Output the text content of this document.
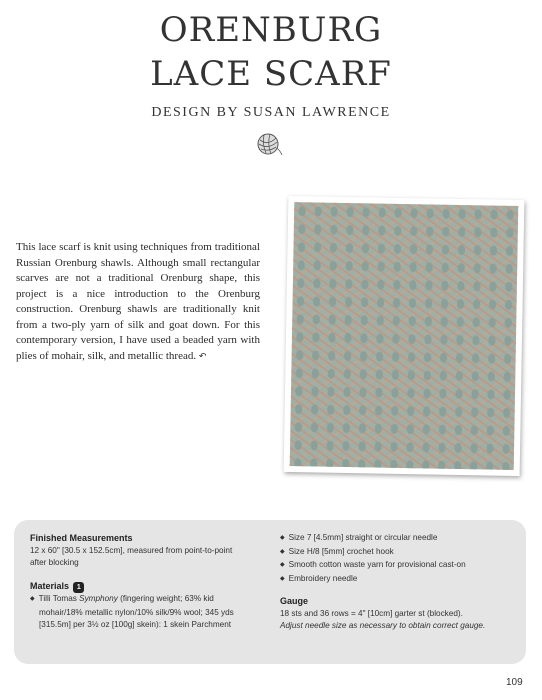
ORENBURG
LACE SCARF
DESIGN BY SUSAN LAWRENCE
This lace scarf is knit using techniques from traditional Russian Orenburg shawls. Although small rectangular scarves are not a traditional Orenburg shape, this project is a nice introduction to the Orenburg construction. Orenburg shawls are traditionally knit from a two-ply yarn of silk and goat down. For this contemporary version, I have used a beaded yarn with plies of mohair, silk, and metallic thread. ↶
Finished Measurements
12 x 60" [30.5 x 152.5cm], measured from point-to-point
after blocking
Materials 1
◆ Tilli Tomas Symphony (fingering weight; 63% kid
mohair/18% metallic nylon/10% silk/9% wool; 345 yds
[315.5m] per 3½ oz [100g] skein): 1 skein Parchment
◆ Size 7 [4.5mm] straight or circular needle
◆ Size H/8 [5mm] crochet hook
◆ Smooth cotton waste yarn for provisional cast-on
◆ Embroidery needle
Gauge
18 sts and 36 rows = 4" [10cm] garter st (blocked).
Adjust needle size as necessary to obtain correct gauge.
109
